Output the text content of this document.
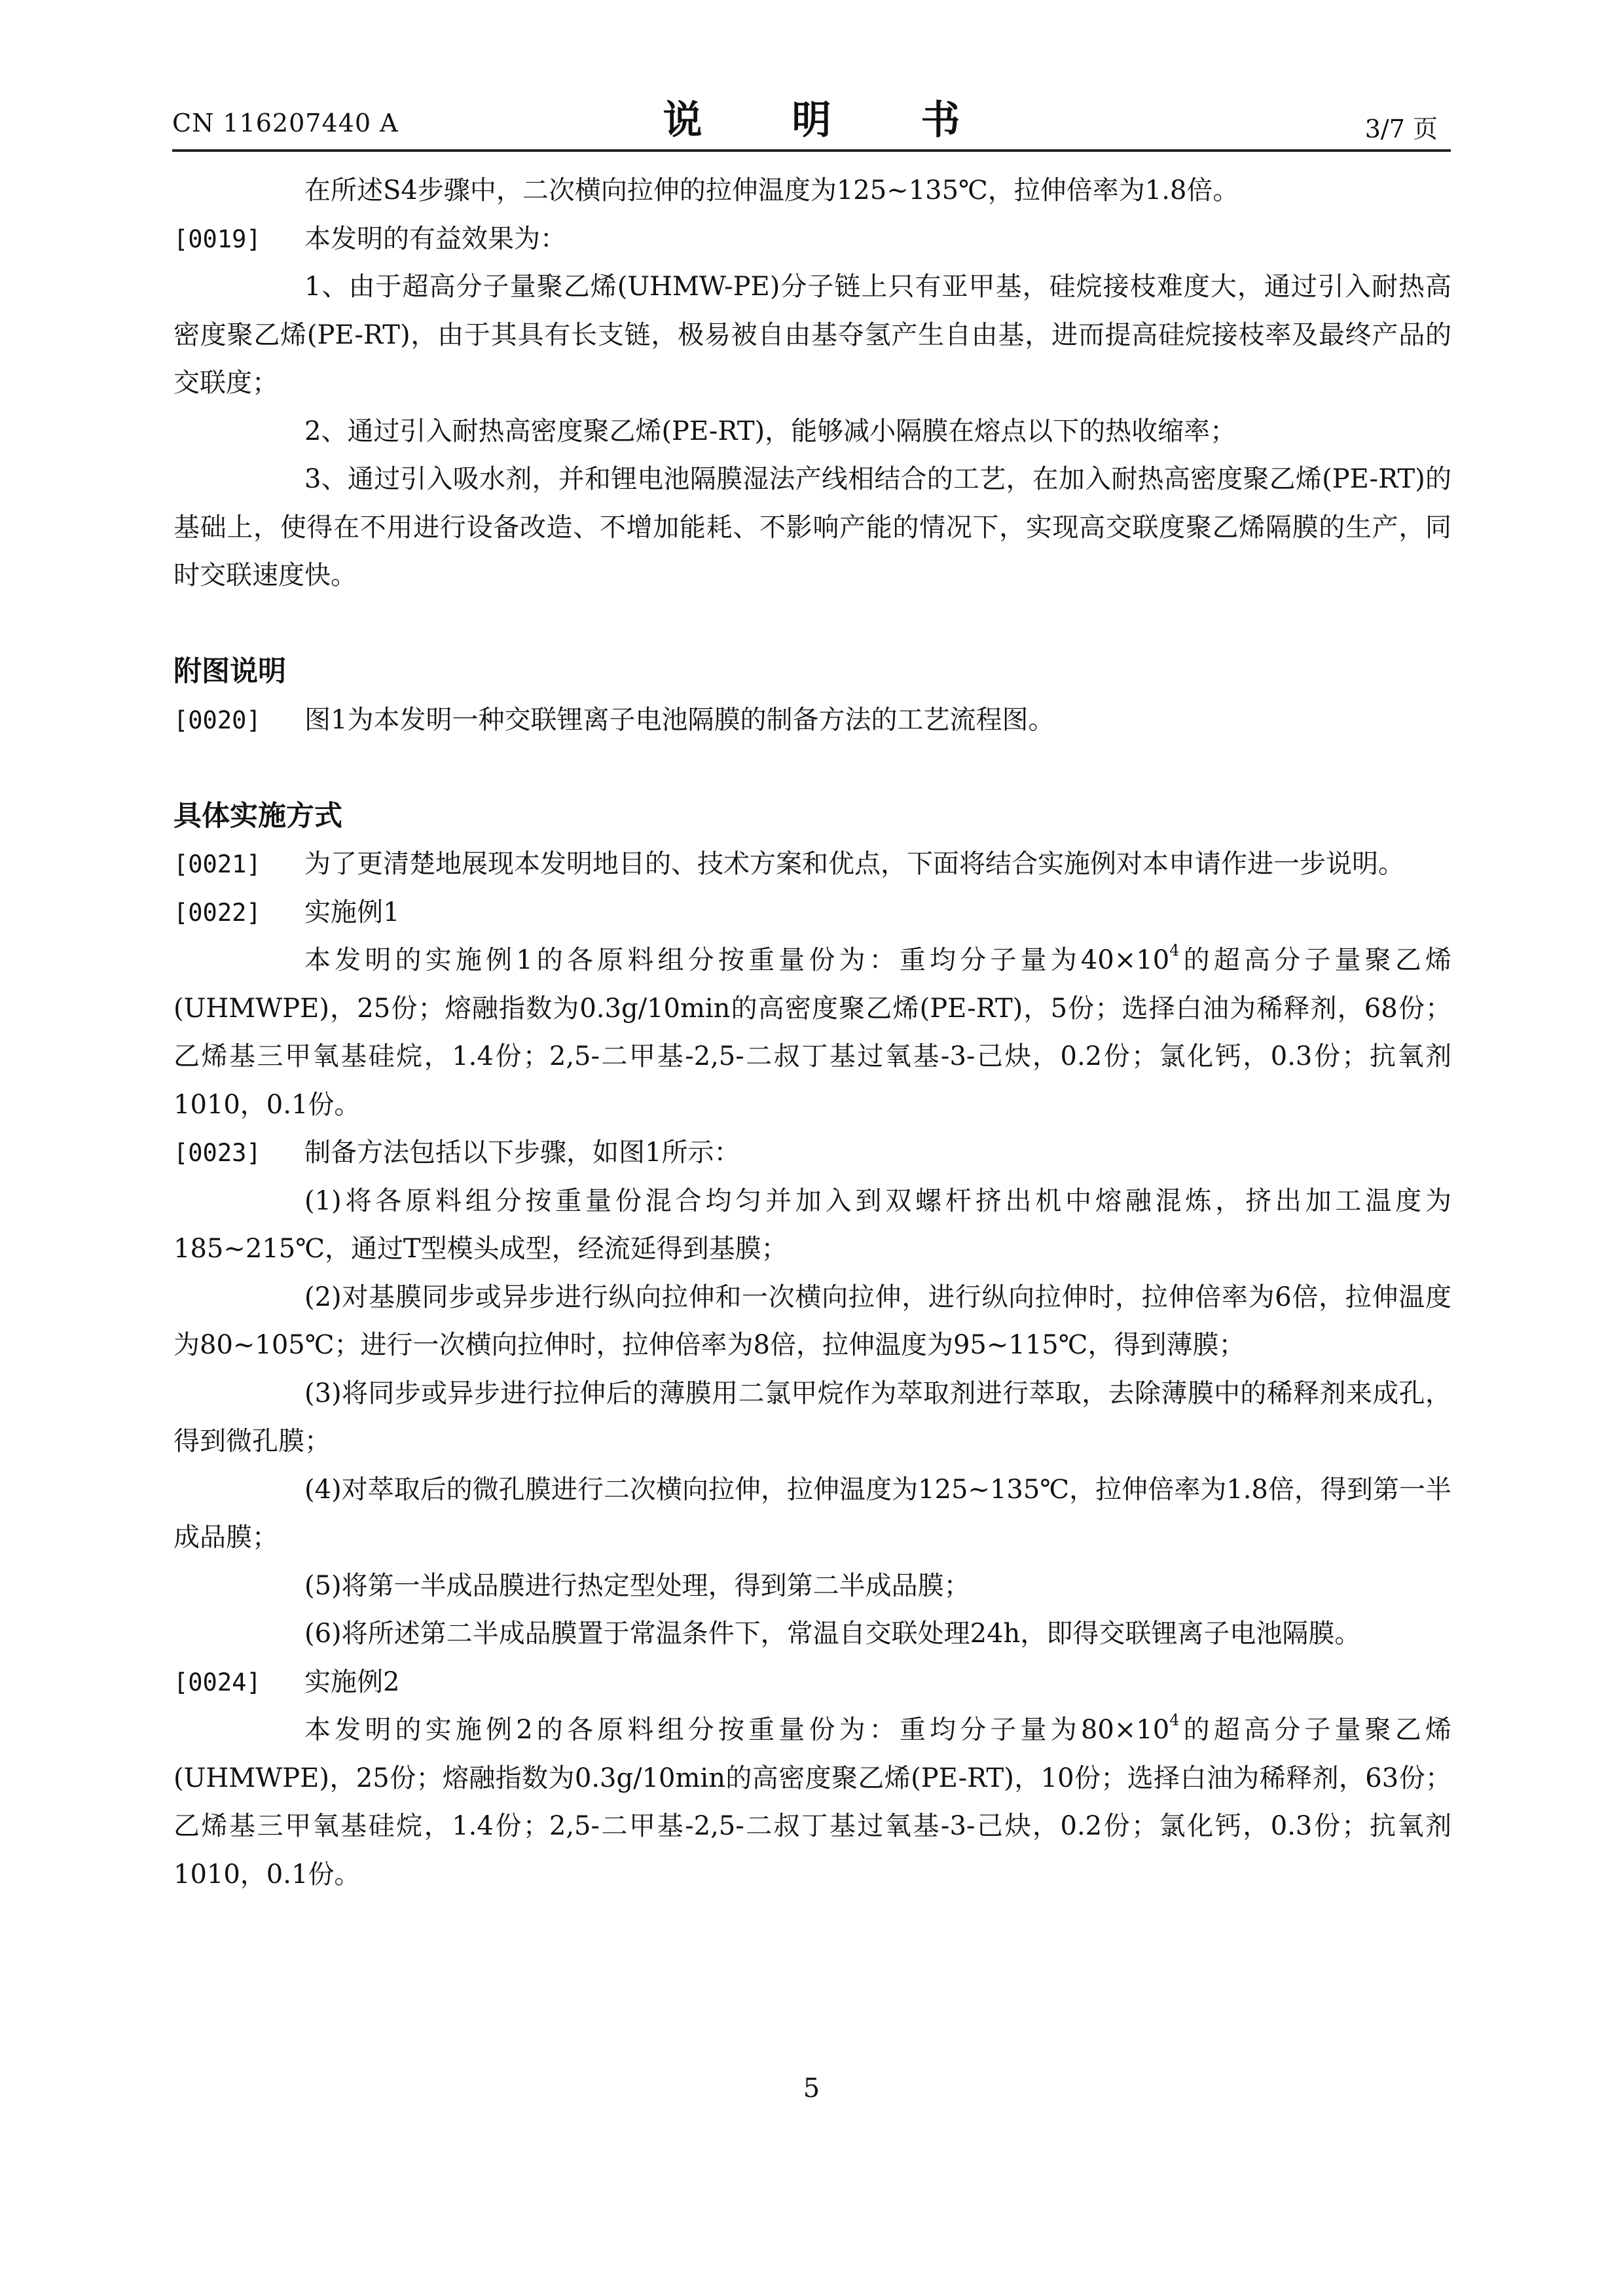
CN 116207440 A	说 明 书	3/7 页
在所述S4步骤中，二次横向拉伸的拉伸温度为125~135℃，拉伸倍率为1.8倍。
[0019]	本发明的有益效果为：
1、由于超高分子量聚乙烯(UHMW-PE)分子链上只有亚甲基，硅烷接枝难度大，通过引入耐热高密度聚乙烯(PE-RT)，由于其具有长支链，极易被自由基夺氢产生自由基，进而提高硅烷接枝率及最终产品的交联度；
2、通过引入耐热高密度聚乙烯(PE-RT)，能够减小隔膜在熔点以下的热收缩率；
3、通过引入吸水剂，并和锂电池隔膜湿法产线相结合的工艺，在加入耐热高密度聚乙烯(PE-RT)的基础上，使得在不用进行设备改造、不增加能耗、不影响产能的情况下，实现高交联度聚乙烯隔膜的生产，同时交联速度快。
附图说明
[0020]	图1为本发明一种交联锂离子电池隔膜的制备方法的工艺流程图。
具体实施方式
[0021]	为了更清楚地展现本发明地目的、技术方案和优点，下面将结合实施例对本申请作进一步说明。
[0022]	实施例1
本发明的实施例1的各原料组分按重量份为：重均分子量为$40\times 10^4$的超高分子量聚乙烯(UHMWPE)，25份；熔融指数为0.3g/10min的高密度聚乙烯(PE-RT)，5份；选择白油为稀释剂，68份；乙烯基三甲氧基硅烷，1.4份；2,5-二甲基-2,5-二叔丁基过氧基-3-己炔，0.2份；氯化钙，0.3份；抗氧剂1010，0.1份。
[0023]	制备方法包括以下步骤，如图1所示：
(1)将各原料组分按重量份混合均匀并加入到双螺杆挤出机中熔融混炼，挤出加工温度为185~215℃，通过T型模头成型，经流延得到基膜；
(2)对基膜同步或异步进行纵向拉伸和一次横向拉伸，进行纵向拉伸时，拉伸倍率为6倍，拉伸温度为80~105℃；进行一次横向拉伸时，拉伸倍率为8倍，拉伸温度为95~115℃，得到薄膜；
(3)将同步或异步进行拉伸后的薄膜用二氯甲烷作为萃取剂进行萃取，去除薄膜中的稀释剂来成孔，得到微孔膜；
(4)对萃取后的微孔膜进行二次横向拉伸，拉伸温度为125~135℃，拉伸倍率为1.8倍，得到第一半成品膜；
(5)将第一半成品膜进行热定型处理，得到第二半成品膜；
(6)将所述第二半成品膜置于常温条件下，常温自交联处理24h，即得交联锂离子电池隔膜。
[0024]	实施例2
本发明的实施例2的各原料组分按重量份为：重均分子量为$80\times 10^4$的超高分子量聚乙烯(UHMWPE)，25份；熔融指数为0.3g/10min的高密度聚乙烯(PE-RT)，10份；选择白油为稀释剂，63份；乙烯基三甲氧基硅烷，1.4份；2,5-二甲基-2,5-二叔丁基过氧基-3-己炔，0.2份；氯化钙，0.3份；抗氧剂1010，0.1份。
5
